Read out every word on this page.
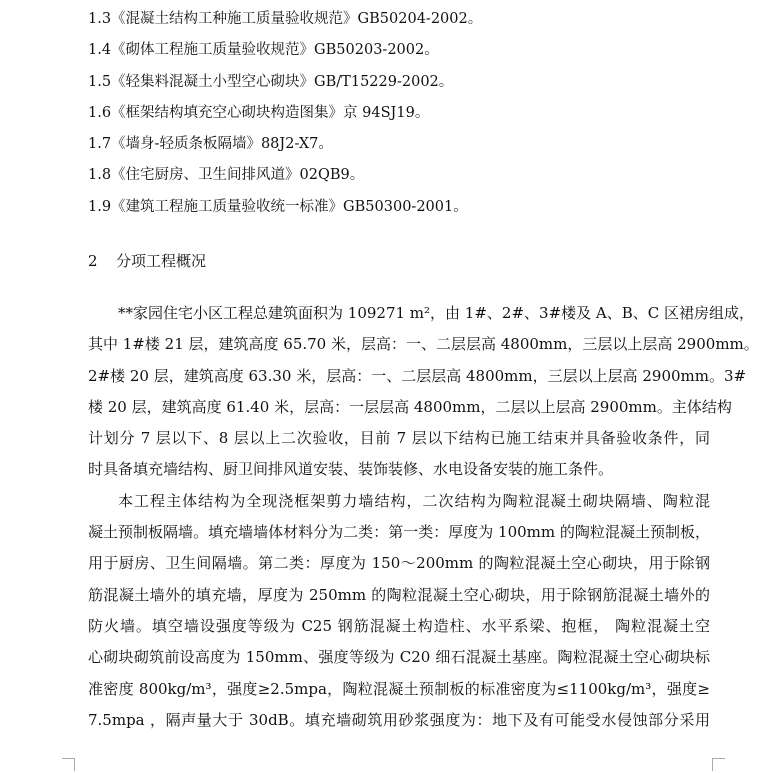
1.3《混凝土结构工种施工质量验收规范》GB50204-2002。
1.4《砌体工程施工质量验收规范》GB50203-2002。
1.5《轻集料混凝土小型空心砌块》GB/T15229-2002。
1.6《框架结构填充空心砌块构造图集》京 94SJ19。
1.7《墙身-轻质条板隔墙》88J2-X7。
1.8《住宅厨房、卫生间排风道》02QB9。
1.9《建筑工程施工质量验收统一标准》GB50300-2001。
2 分项工程概况
**家园住宅小区工程总建筑面积为 109271 m²，由 1#、2#、3#楼及 A、B、C 区裙房组成，
其中 1#楼 21 层，建筑高度 65.70 米，层高：一、二层层高 4800mm，三层以上层高 2900mm。
2#楼 20 层，建筑高度 63.30 米，层高：一、二层层高 4800mm，三层以上层高 2900mm。3#
楼 20 层，建筑高度 61.40 米，层高：一层层高 4800mm，二层以上层高 2900mm。主体结构
计划分 7 层以下、8 层以上二次验收，目前 7 层以下结构已施工结束并具备验收条件，同
时具备填充墙结构、厨卫间排风道安装、装饰装修、水电设备安装的施工条件。
本工程主体结构为全现浇框架剪力墙结构，二次结构为陶粒混凝土砌块隔墙、陶粒混
凝土预制板隔墙。填充墙墙体材料分为二类：第一类：厚度为 100mm 的陶粒混凝土预制板，
用于厨房、卫生间隔墙。第二类：厚度为 150～200mm 的陶粒混凝土空心砌块，用于除钢
筋混凝土墙外的填充墙，厚度为 250mm 的陶粒混凝土空心砌块，用于除钢筋混凝土墙外的
防火墙。填空墙设强度等级为 C25 钢筋混凝土构造柱、水平系梁、抱框， 陶粒混凝土空
心砌块砌筑前设高度为 150mm、强度等级为 C20 细石混凝土基座。陶粒混凝土空心砌块标
准密度 800kg/m³，强度≥2.5mpa，陶粒混凝土预制板的标准密度为≤1100kg/m³，强度≥
7.5mpa ，隔声量大于 30dB。填充墙砌筑用砂浆强度为：地下及有可能受水侵蚀部分采用
